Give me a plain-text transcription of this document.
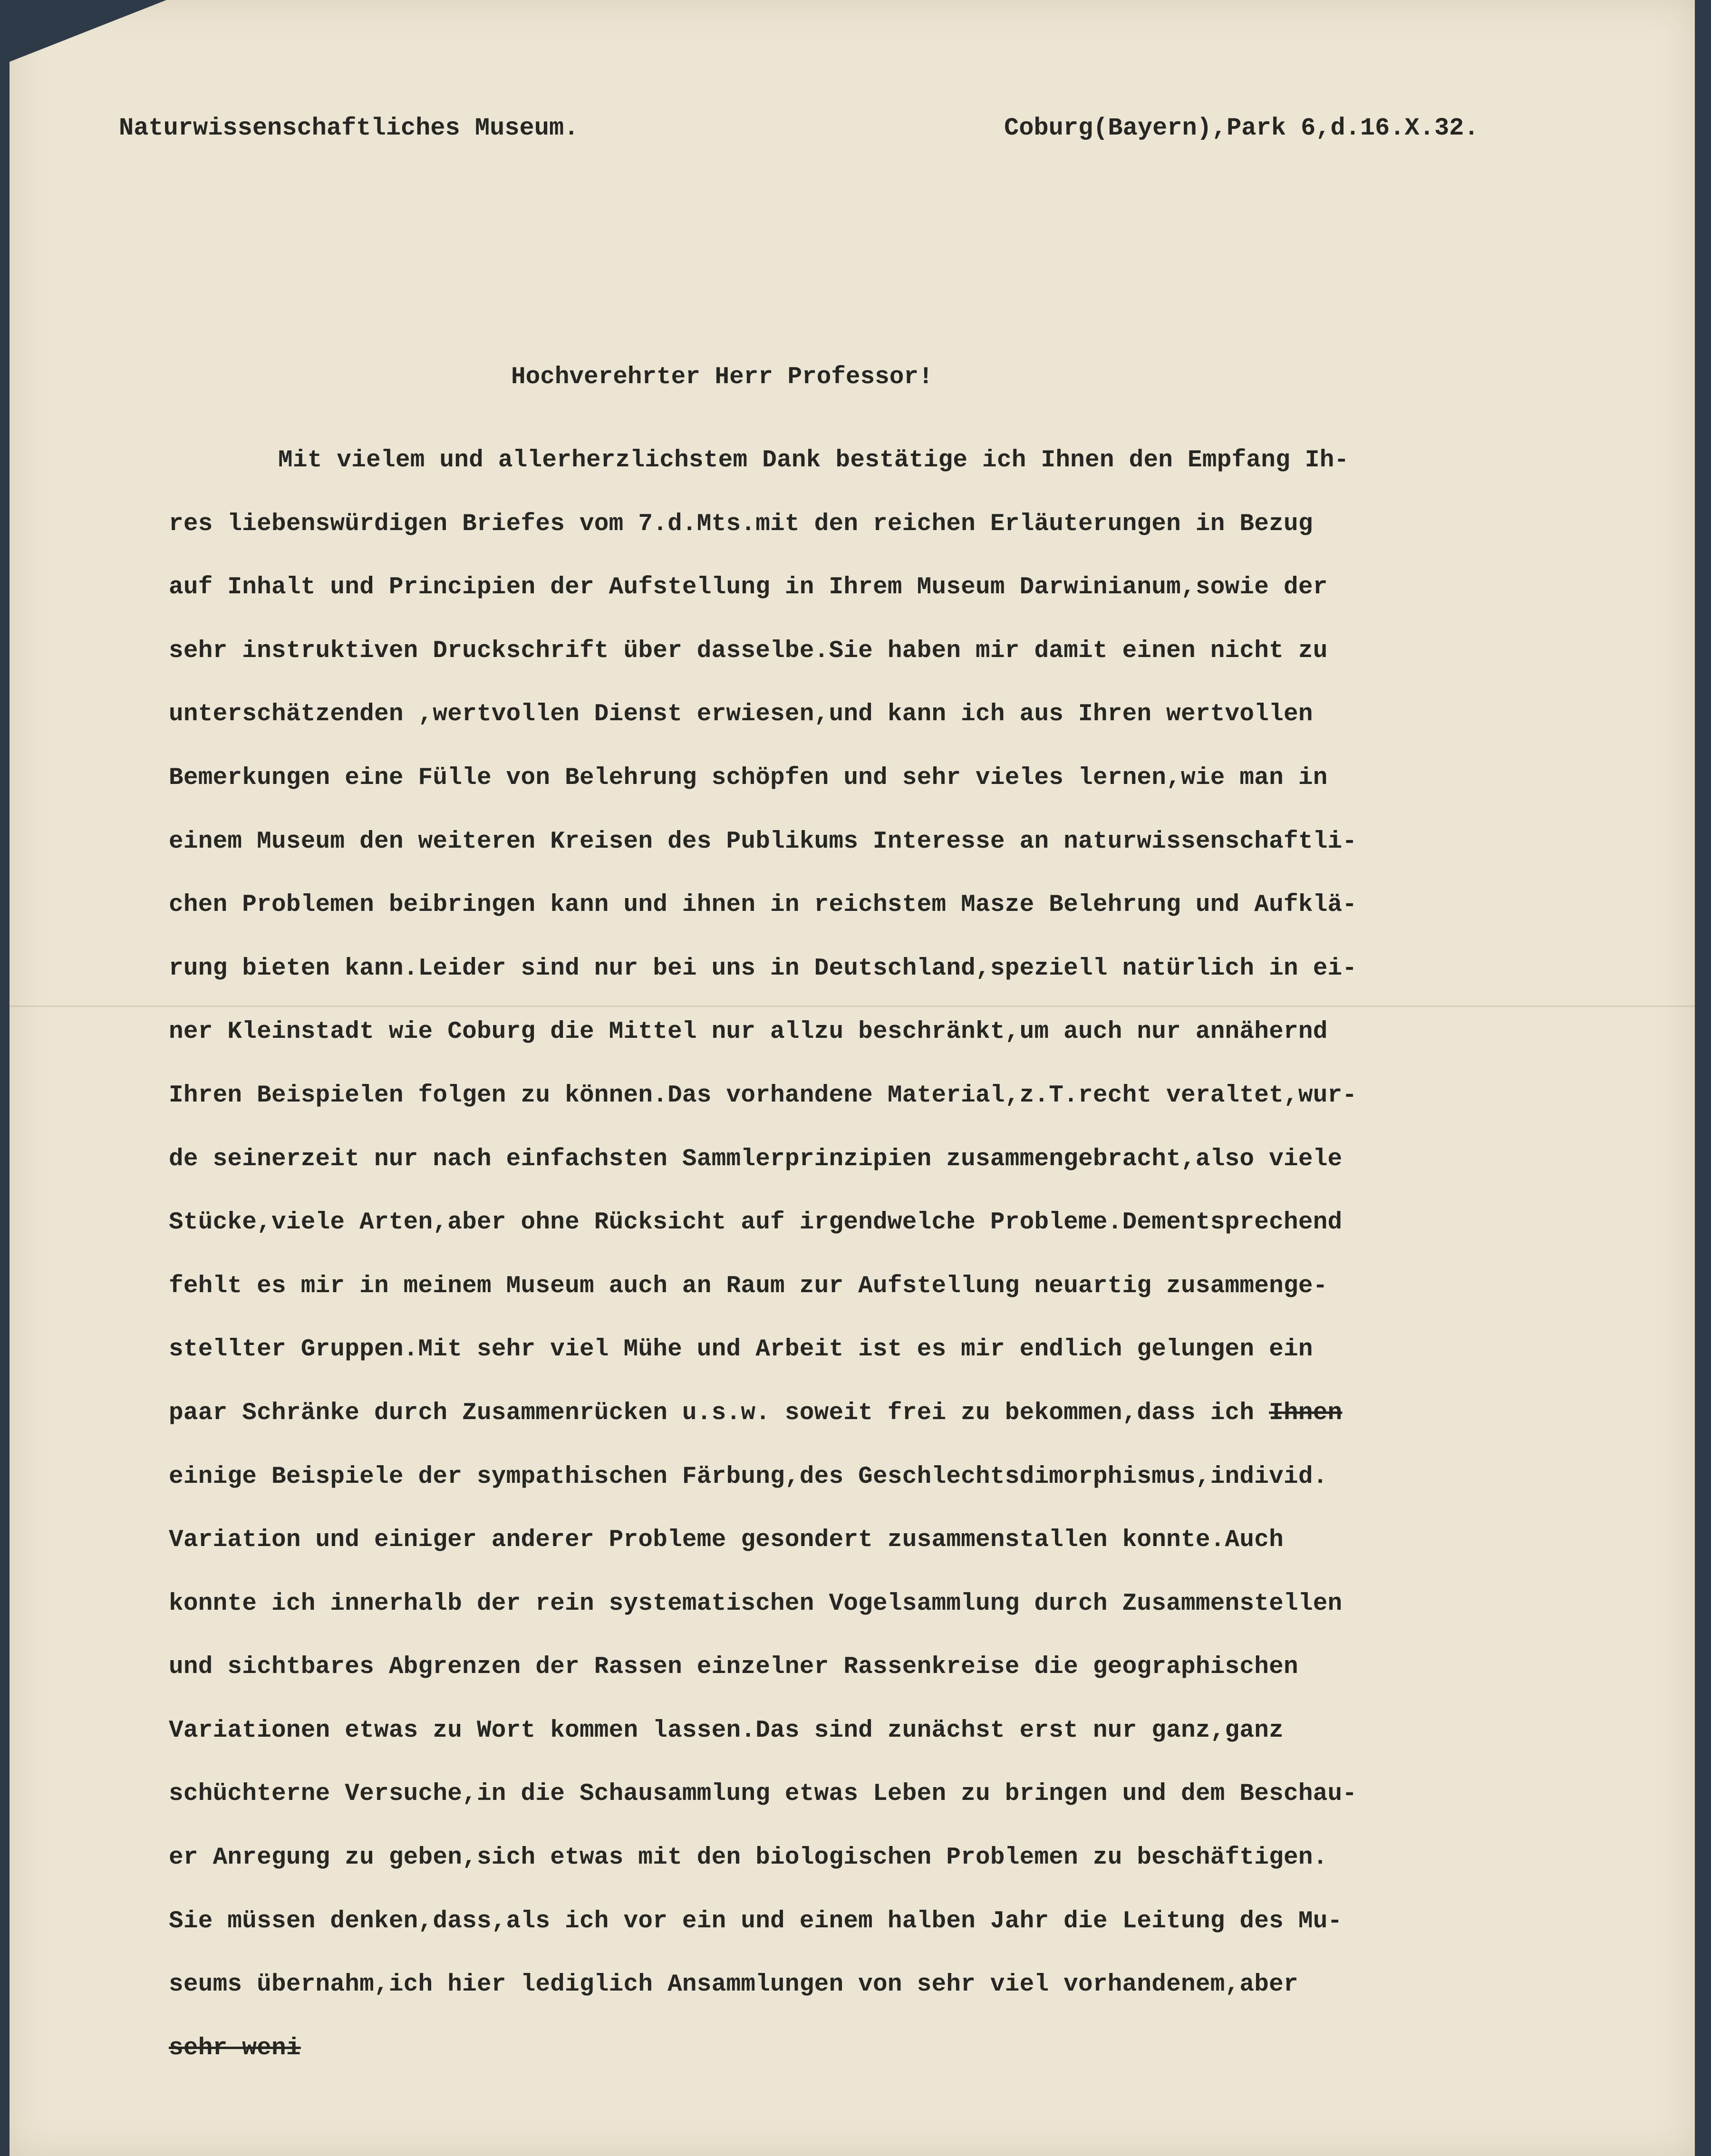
Naturwissenschaftliches Museum.	Coburg(Bayern),Park 6,d.16.X.32.
Hochverehrter Herr Professor!
Mit vielem und allerherzlichstem Dank bestätige ich Ihnen den Empfang Ih-
res liebenswürdigen Briefes vom 7.d.Mts.mit den reichen Erläuterungen in Bezug
auf Inhalt und Principien der Aufstellung in Ihrem Museum Darwinianum,sowie der
sehr instruktiven Druckschrift über dasselbe.Sie haben mir damit einen nicht zu
unterschätzenden ,wertvollen Dienst erwiesen,und kann ich aus Ihren wertvollen
Bemerkungen eine Fülle von Belehrung schöpfen und sehr vieles lernen,wie man in
einem Museum den weiteren Kreisen des Publikums Interesse an naturwissenschaftli-
chen Problemen beibringen kann und ihnen in reichstem Masze Belehrung und Aufklä-
rung bieten kann.Leider sind nur bei uns in Deutschland,speziell natürlich in ei-
ner Kleinstadt wie Coburg die Mittel nur allzu beschränkt,um auch nur annähernd
Ihren Beispielen folgen zu können.Das vorhandene Material,z.T.recht veraltet,wur-
de seinerzeit nur nach einfachsten Sammlerprinzipien zusammengebracht,also viele
Stücke,viele Arten,aber ohne Rücksicht auf irgendwelche Probleme.Dementsprechend
fehlt es mir in meinem Museum auch an Raum zur Aufstellung neuartig zusammenge-
stellter Gruppen.Mit sehr viel Mühe und Arbeit ist es mir endlich gelungen ein
paar Schränke durch Zusammenrücken u.s.w. soweit frei zu bekommen,dass ich Ihnen
einige Beispiele der sympathischen Färbung,des Geschlechtsdimorphismus,individ.
Variation und einiger anderer Probleme gesondert zusammenstallen konnte.Auch
konnte ich innerhalb der rein systematischen Vogelsammlung durch Zusammenstellen
und sichtbares Abgrenzen der Rassen einzelner Rassenkreise die geographischen
Variationen etwas zu Wort kommen lassen.Das sind zunächst erst nur ganz,ganz
schüchterne Versuche,in die Schausammlung etwas Leben zu bringen und dem Beschau-
er Anregung zu geben,sich etwas mit den biologischen Problemen zu beschäftigen.
Sie müssen denken,dass,als ich vor ein und einem halben Jahr die Leitung des Mu-
seums übernahm,ich hier lediglich Ansammlungen von sehr viel vorhandenem,aber
sehr weni
